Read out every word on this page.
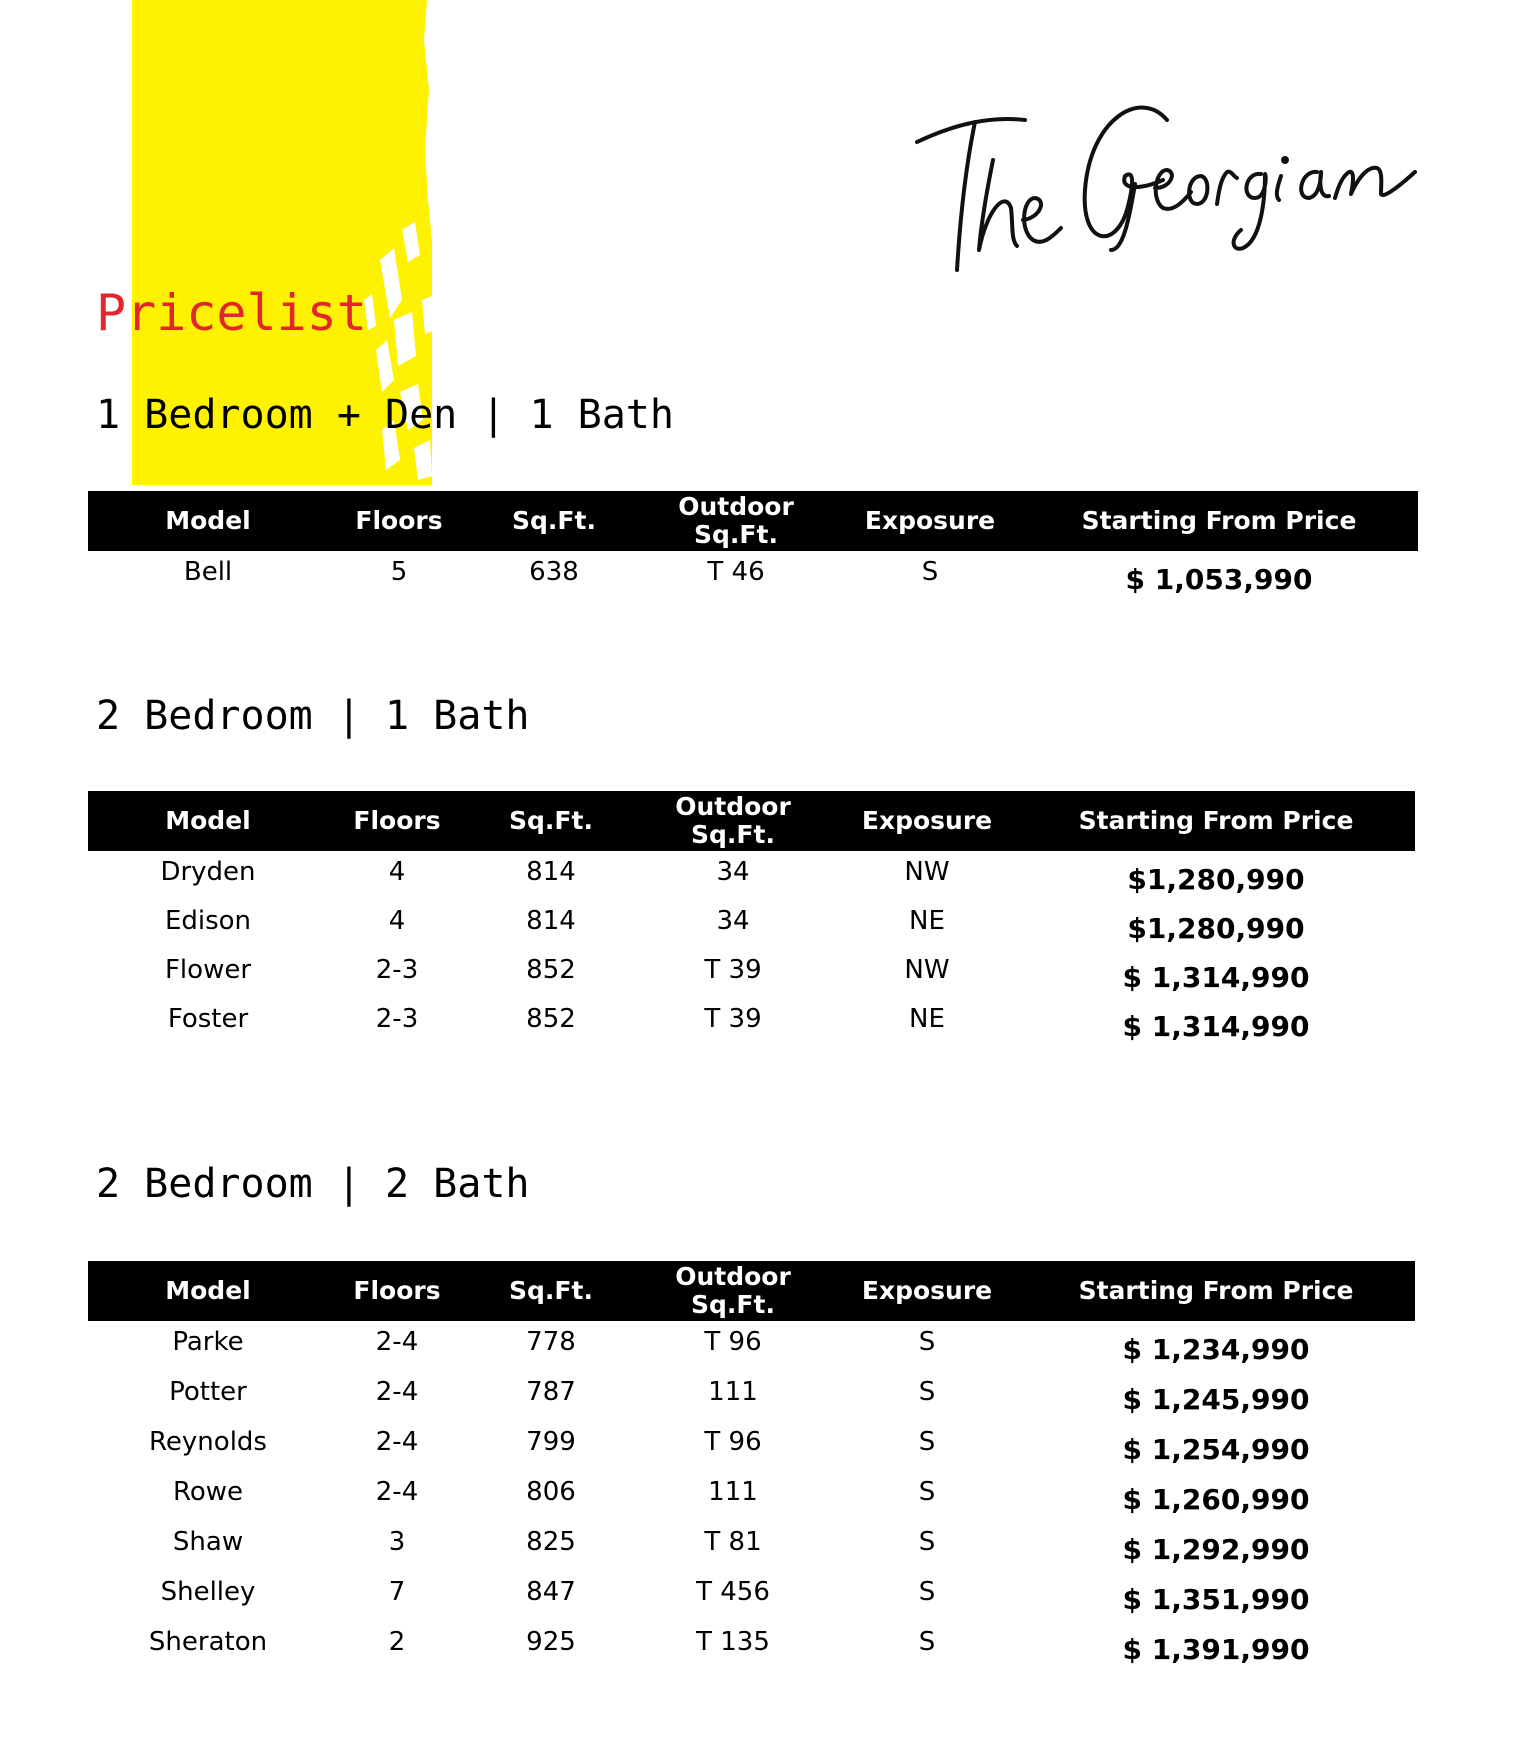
Pricelist
1 Bedroom + Den | 1 Bath
Model	Floors	Sq.Ft.	Outdoor Sq.Ft.	Exposure	Starting From Price
Bell	5	638	T 46	S	$ 1,053,990
2 Bedroom | 1 Bath
Model	Floors	Sq.Ft.	Outdoor Sq.Ft.	Exposure	Starting From Price
Dryden	4	814	34	NW	$1,280,990
Edison	4	814	34	NE	$1,280,990
Flower	2-3	852	T 39	NW	$ 1,314,990
Foster	2-3	852	T 39	NE	$ 1,314,990
2 Bedroom | 2 Bath
Model	Floors	Sq.Ft.	Outdoor Sq.Ft.	Exposure	Starting From Price
Parke	2-4	778	T 96	S	$ 1,234,990
Potter	2-4	787	111	S	$ 1,245,990
Reynolds	2-4	799	T 96	S	$ 1,254,990
Rowe	2-4	806	111	S	$ 1,260,990
Shaw	3	825	T 81	S	$ 1,292,990
Shelley	7	847	T 456	S	$ 1,351,990
Sheraton	2	925	T 135	S	$ 1,391,990
